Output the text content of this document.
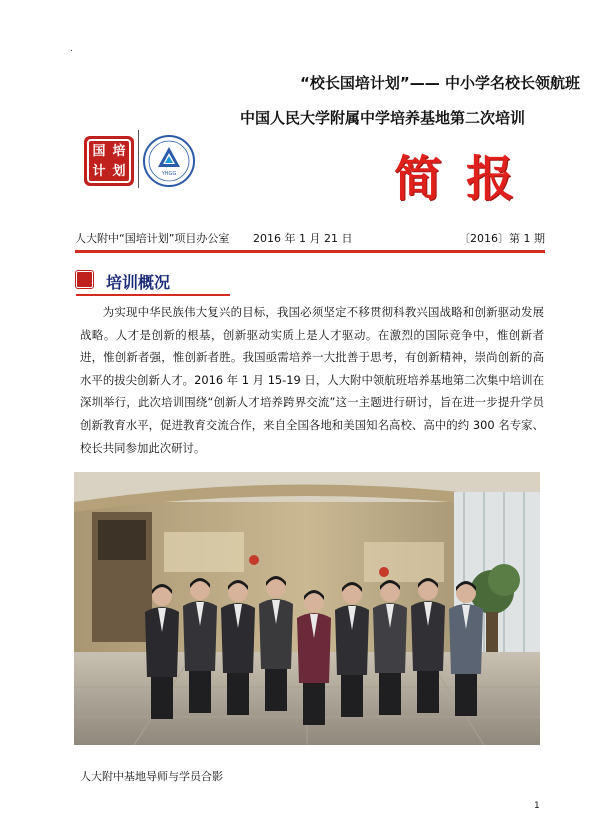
.
“校长国培计划”—— 中小学名校长领航班
中国人民大学附属中学培养基地第二次培训
国 培
计 划	YHGG	简报
人大附中“国培计划”项目办公室 2016 年 1 月 21 日	〔2016〕第 1 期
培训概况

为实现中华民族伟大复兴的目标，我国必须坚定不移贯彻科教兴国战略和创新驱动发展战略。人才是创新的根基，创新驱动实质上是人才驱动。在激烈的国际竞争中，惟创新者进，惟创新者强，惟创新者胜。我国亟需培养一大批善于思考，有创新精神，崇尚创新的高水平的拔尖创新人才。2016 年 1 月 15-19 日，人大附中领航班培养基地第二次集中培训在深圳举行，此次培训围绕“创新人才培养跨界交流”这一主题进行研讨，旨在进一步提升学员创新教育水平，促进教育交流合作，来自全国各地和美国知名高校、高中的约 300 名专家、校长共同参加此次研讨。

人大附中基地导师与学员合影
1
